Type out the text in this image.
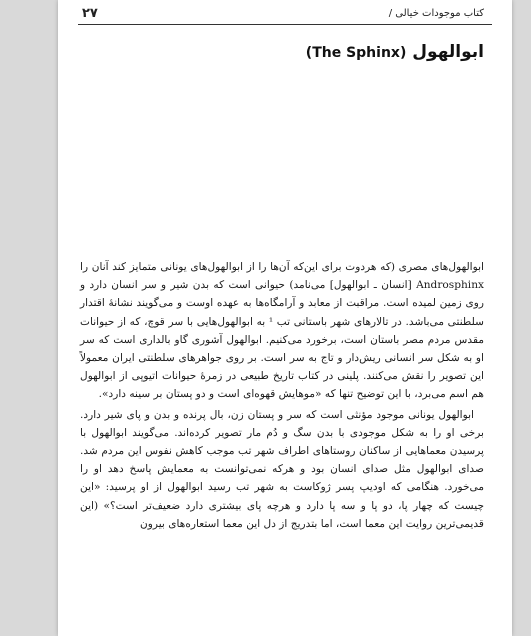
کتاب موجودات خیالی /
۲۷
ابوالهول (The Sphinx)

ابوالهول‌های مصری (که هردوت برای این‌که آن‌ها را از ابوالهول‌های یونانی متمایز کند آنان را Androsphinx [انسان ـ ابوالهول] می‌نامد) حیوانی است که بدن شیر و سر انسان دارد و روی زمین لمیده است. مراقبت از معابد و آرامگاه‌ها به عهده اوست و می‌گویند نشانهٔ اقتدار سلطنتی می‌باشد. در تالارهای شهر باستانی تب ¹ به ابوالهول‌هایی با سر قوچ، که از حیوانات مقدس مردم مصر باستان است، برخورد می‌کنیم. ابوالهول آشوری گاو بالداری است که سر او به شکل سر انسانی ریش‌دار و تاج به سر است. بر روی جواهرهای سلطنتی ایران معمولاً این تصویر را نقش می‌کنند. پلینی در کتاب تاریخ طبیعی در زمرهٔ حیوانات اتیوپی از ابوالهول هم اسم می‌برد، با این توضیح تنها که «موهایش قهوه‌ای است و دو پستان بر سینه دارد».

ابوالهول یونانی موجود مؤنثی است که سر و پستان زن، بال پرنده و بدن و پای شیر دارد. برخی او را به شکل موجودی با بدن سگ و دُم مار تصویر کرده‌اند. می‌گویند ابوالهول با پرسیدن معماهایی از ساکنان روستاهای اطراف شهر تب موجب کاهش نفوس این مردم شد. صدای ابوالهول مثل صدای انسان بود و هرکه نمی‌توانست به معمایش پاسخ دهد او را می‌خورد. هنگامی که اودیپ پسر ژوکاست به شهر تب رسید ابوالهول از او پرسید: «این چیست که چهار پا، دو پا و سه پا دارد و هرچه پای بیشتری دارد ضعیف‌تر است؟» (این قدیمی‌ترین روایت این معما است، اما بتدریج از دل این معما استعاره‌های بیرون
